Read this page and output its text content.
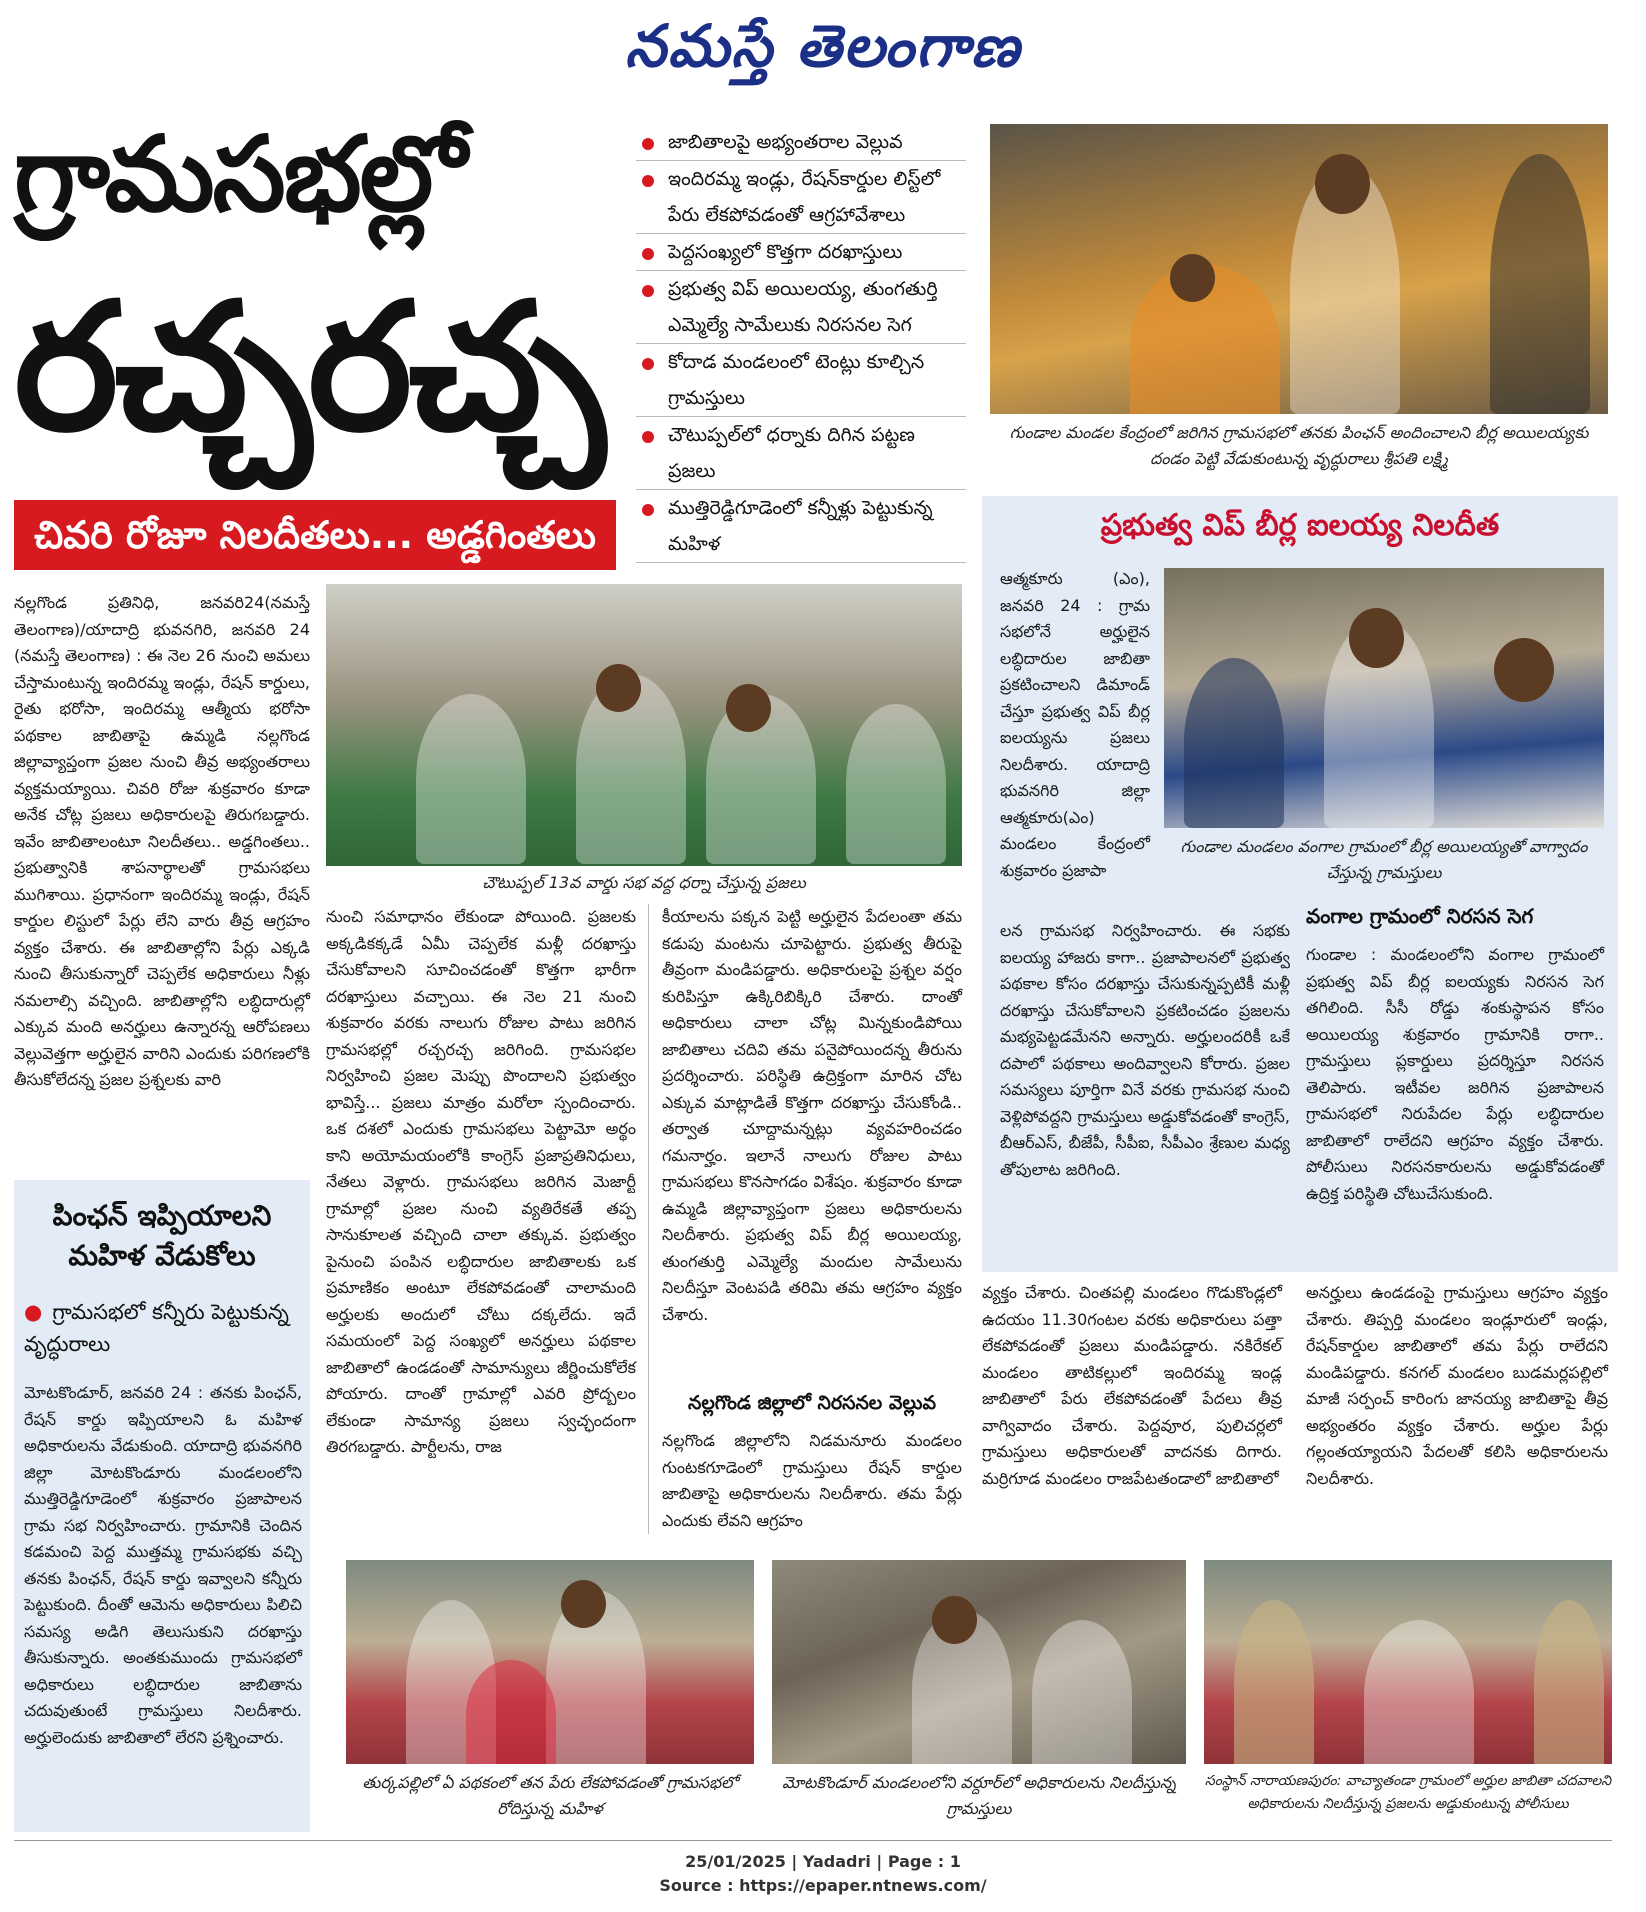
నమస్తే తెలంగాణ
గ్రామసభల్లో
రచ్చరచ్చ
చివరి రోజూ నిలదీతలు... అడ్డగింతలు
జాబితాలపై అభ్యంతరాల వెల్లువ
ఇందిరమ్మ ఇండ్లు, రేషన్‌కార్డుల లిస్ట్‌లో పేరు లేకపోవడంతో ఆగ్రహావేశాలు
పెద్దసంఖ్యలో కొత్తగా దరఖాస్తులు
ప్రభుత్వ విప్ అయిలయ్య, తుంగతుర్తి ఎమ్మెల్యే సామేలుకు నిరసనల సెగ
కోదాడ మండలంలో టెంట్లు కూల్చిన గ్రామస్తులు
చౌటుప్పల్‌లో ధర్నాకు దిగిన పట్టణ ప్రజలు
ముత్తిరెడ్డిగూడెంలో కన్నీళ్లు పెట్టుకున్న మహిళ
గుండాల మండల కేంద్రంలో జరిగిన గ్రామసభలో తనకు పింఛన్ అందించాలని బీర్ల అయిలయ్యకు దండం పెట్టి వేడుకుంటున్న వృద్ధురాలు శ్రీపతి లక్ష్మి
ప్రభుత్వ విప్ బీర్ల ఐలయ్య నిలదీత
ఆత్మకూరు (ఎం), జనవరి 24 : గ్రామ సభలోనే అర్హులైన లబ్ధిదారుల జాబితా ప్రకటించాలని డిమాండ్ చేస్తూ ప్రభుత్వ విప్ బీర్ల ఐలయ్యను ప్రజలు నిలదీశారు. యాదాద్రి భువనగిరి జిల్లా ఆత్మకూరు(ఎం) మండలం కేంద్రంలో శుక్రవారం ప్రజాపా
గుండాల మండలం వంగాల గ్రామంలో బీర్ల అయిలయ్యతో వాగ్వాదం చేస్తున్న గ్రామస్తులు
లన గ్రామసభ నిర్వహించారు. ఈ సభకు ఐలయ్య హాజరు కాగా.. ప్రజాపాలనలో ప్రభుత్వ పథకాల కోసం దరఖాస్తు చేసుకున్నప్పటికీ మళ్లీ దరఖాస్తు చేసుకోవాలని ప్రకటించడం ప్రజలను మభ్యపెట్టడమేనని అన్నారు. అర్హులందరికీ ఒకే దపాలో పథకాలు అందివ్వాలని కోరారు. ప్రజల సమస్యలు పూర్తిగా వినే వరకు గ్రామసభ నుంచి వెళ్లిపోవద్దని గ్రామస్తులు అడ్డుకోవడంతో కాంగ్రెస్, బీఆర్‌ఎస్, బీజేపీ, సీపీఐ, సీపీఎం శ్రేణుల మధ్య తోపులాట జరిగింది.
వంగాల గ్రామంలో నిరసన సెగ
గుండాల : మండలంలోని వంగాల గ్రామంలో ప్రభుత్వ విప్ బీర్ల ఐలయ్యకు నిరసన సెగ తగిలింది. సీసీ రోడ్డు శంకుస్థాపన కోసం అయిలయ్య శుక్రవారం గ్రామానికి రాగా.. గ్రామస్తులు ప్లకార్డులు ప్రదర్శిస్తూ నిరసన తెలిపారు. ఇటీవల జరిగిన ప్రజాపాలన గ్రామసభలో నిరుపేదల పేర్లు లబ్ధిదారుల జాబితాలో రాలేదని ఆగ్రహం వ్యక్తం చేశారు. పోలీసులు నిరసనకారులను అడ్డుకోవడంతో ఉద్రిక్త పరిస్థితి చోటుచేసుకుంది.
నల్లగొండ ప్రతినిధి, జనవరి24(నమస్తే తెలంగాణ)/యాదాద్రి భువనగిరి, జనవరి 24 (నమస్తే తెలంగాణ) : ఈ నెల 26 నుంచి అమలు చేస్తామంటున్న ఇందిరమ్మ ఇండ్లు, రేషన్ కార్డులు, రైతు భరోసా, ఇందిరమ్మ ఆత్మీయ భరోసా పథకాల జాబితాపై ఉమ్మడి నల్లగొండ జిల్లావ్యాప్తంగా ప్రజల నుంచి తీవ్ర అభ్యంతరాలు వ్యక్తమయ్యాయి. చివరి రోజు శుక్రవారం కూడా అనేక చోట్ల ప్రజలు అధికారులపై తిరుగబడ్డారు. ఇవేం జాబితాలంటూ నిలదీతలు.. అడ్డగింతలు.. ప్రభుత్వానికి శాపనార్థాలతో గ్రామసభలు ముగిశాయి. ప్రధానంగా ఇందిరమ్మ ఇండ్లు, రేషన్ కార్డుల లిస్టులో పేర్లు లేని వారు తీవ్ర ఆగ్రహం వ్యక్తం చేశారు. ఈ జాబితాల్లోని పేర్లు ఎక్కడి నుంచి తీసుకున్నారో చెప్పలేక అధికారులు నీళ్లు నమలాల్సి వచ్చింది. జాబితాల్లోని లబ్ధిదారుల్లో ఎక్కువ మంది అనర్హులు ఉన్నారన్న ఆరోపణలు వెల్లువెత్తగా అర్హులైన వారిని ఎందుకు పరిగణలోకి తీసుకోలేదన్న ప్రజల ప్రశ్నలకు వారి
చౌటుప్పల్ 13వ వార్డు సభ వద్ద ధర్నా చేస్తున్న ప్రజలు
నుంచి సమాధానం లేకుండా పోయింది. ప్రజలకు అక్కడికక్కడే ఏమీ చెప్పలేక మళ్లీ దరఖాస్తు చేసుకోవాలని సూచించడంతో కొత్తగా భారీగా దరఖాస్తులు వచ్చాయి. ఈ నెల 21 నుంచి శుక్రవారం వరకు నాలుగు రోజుల పాటు జరిగిన గ్రామసభల్లో రచ్చరచ్చ జరిగింది. గ్రామసభల నిర్వహించి ప్రజల మెప్పు పొందాలని ప్రభుత్వం భావిస్తే... ప్రజలు మాత్రం మరోలా స్పందించారు. ఒక దశలో ఎందుకు గ్రామసభలు పెట్టామో అర్థం కాని అయోమయంలోకి కాంగ్రెస్ ప్రజాప్రతినిధులు, నేతలు వెళ్లారు. గ్రామసభలు జరిగిన మెజార్టీ గ్రామాల్లో ప్రజల నుంచి వ్యతిరేకతే తప్ప సానుకూలత వచ్చింది చాలా తక్కువ. ప్రభుత్వం పైనుంచి పంపిన లబ్ధిదారుల జాబితాలకు ఒక ప్రమాణికం అంటూ లేకపోవడంతో చాలామంది అర్హులకు అందులో చోటు దక్కలేదు. ఇదే సమయంలో పెద్ద సంఖ్యలో అనర్హులు పథకాల జాబితాలో ఉండడంతో సామాన్యులు జీర్ణించుకోలేక పోయారు. దాంతో గ్రామాల్లో ఎవరి ప్రోద్బలం లేకుండా సామాన్య ప్రజలు స్వచ్ఛందంగా తిరగబడ్డారు. పార్టీలను, రాజ
కీయాలను పక్కన పెట్టి అర్హులైన పేదలంతా తమ కడుపు మంటను చూపెట్టారు. ప్రభుత్వ తీరుపై తీవ్రంగా మండిపడ్డారు. అధికారులపై ప్రశ్నల వర్షం కురిపిస్తూ ఉక్కిరిబిక్కిరి చేశారు. దాంతో అధికారులు చాలా చోట్ల మిన్నకుండిపోయి జాబితాలు చదివి తమ పనైపోయిందన్న తీరును ప్రదర్శించారు. పరిస్థితి ఉద్రిక్తంగా మారిన చోట ఎక్కువ మాట్లాడితే కొత్తగా దరఖాస్తు చేసుకోండి.. తర్వాత చూద్దామన్నట్లు వ్యవహరించడం గమనార్హం. ఇలానే నాలుగు రోజుల పాటు గ్రామసభలు కొనసాగడం విశేషం. శుక్రవారం కూడా ఉమ్మడి జిల్లావ్యాప్తంగా ప్రజలు అధికారులను నిలదీశారు. ప్రభుత్వ విప్ బీర్ల అయిలయ్య, తుంగతుర్తి ఎమ్మెల్యే మందుల సామేలును నిలదీస్తూ వెంటపడి తరిమి తమ ఆగ్రహం వ్యక్తం చేశారు.
నల్లగొండ జిల్లాలో నిరసనల వెల్లువ
నల్లగొండ జిల్లాలోని నిడమనూరు మండలం గుంటకగూడెంలో గ్రామస్తులు రేషన్ కార్డుల జాబితాపై అధికారులను నిలదీశారు. తమ పేర్లు ఎందుకు లేవని ఆగ్రహం
వ్యక్తం చేశారు. చింతపల్లి మండలం గొడుకొండ్లలో ఉదయం 11.30గంటల వరకు అధికారులు పత్తా లేకపోవడంతో ప్రజలు మండిపడ్డారు. నకిరేకల్ మండలం తాటికల్లులో ఇందిరమ్మ ఇండ్ల జాబితాలో పేరు లేకపోవడంతో పేదలు తీవ్ర వాగ్వివాదం చేశారు. పెద్దవూర, పులిచర్లలో గ్రామస్తులు అధికారులతో వాదనకు దిగారు. మర్రిగూడ మండలం రాజపేటతండాలో జాబితాలో
అనర్హులు ఉండడంపై గ్రామస్తులు ఆగ్రహం వ్యక్తం చేశారు. తిప్పర్తి మండలం ఇండ్లూరులో ఇండ్లు, రేషన్‌కార్డుల జాబితాలో తమ పేర్లు రాలేదని మండిపడ్డారు. కనగల్ మండలం బుడమర్లపల్లిలో మాజీ సర్పంచ్ కారింగు జానయ్య జాబితాపై తీవ్ర అభ్యంతరం వ్యక్తం చేశారు. అర్హుల పేర్లు గల్లంతయ్యాయని పేదలతో కలిసి అధికారులను నిలదీశారు.
పింఛన్ ఇప్పియాలని మహిళ వేడుకోలు
● గ్రామసభలో కన్నీరు పెట్టుకున్న వృద్ధురాలు
మోటకొండూర్, జనవరి 24 : తనకు పింఛన్, రేషన్ కార్డు ఇప్పియాలని ఓ మహిళ అధికారులను వేడుకుంది. యాదాద్రి భువనగిరి జిల్లా మోటకొండూరు మండలంలోని ముత్తిరెడ్డిగూడెంలో శుక్రవారం ప్రజాపాలన గ్రామ సభ నిర్వహించారు. గ్రామానికి చెందిన కడమంచి పెద్ద ముత్తమ్మ గ్రామసభకు వచ్చి తనకు పింఛన్, రేషన్ కార్డు ఇవ్వాలని కన్నీరు పెట్టుకుంది. దీంతో ఆమెను అధికారులు పిలిచి సమస్య అడిగి తెలుసుకుని దరఖాస్తు తీసుకున్నారు. అంతకుముందు గ్రామసభలో అధికారులు లబ్ధిదారుల జాబితాను చదువుతుంటే గ్రామస్తులు నిలదీశారు. అర్హులెందుకు జాబితాలో లేరని ప్రశ్నించారు.
తుర్కపల్లిలో ఏ పథకంలో తన పేరు లేకపోవడంతో గ్రామసభలో రోదిస్తున్న మహిళ
మోటకొండూర్ మండలంలోని వర్దూర్‌లో అధికారులను నిలదీస్తున్న గ్రామస్తులు
సంస్థాన్ నారాయణపురం: వాచ్యాతండా గ్రామంలో అర్హుల జాబితా చదవాలని అధికారులను నిలదీస్తున్న ప్రజలను అడ్డుకుంటున్న పోలీసులు
25/01/2025 | Yadadri | Page : 1
Source : https://epaper.ntnews.com/
